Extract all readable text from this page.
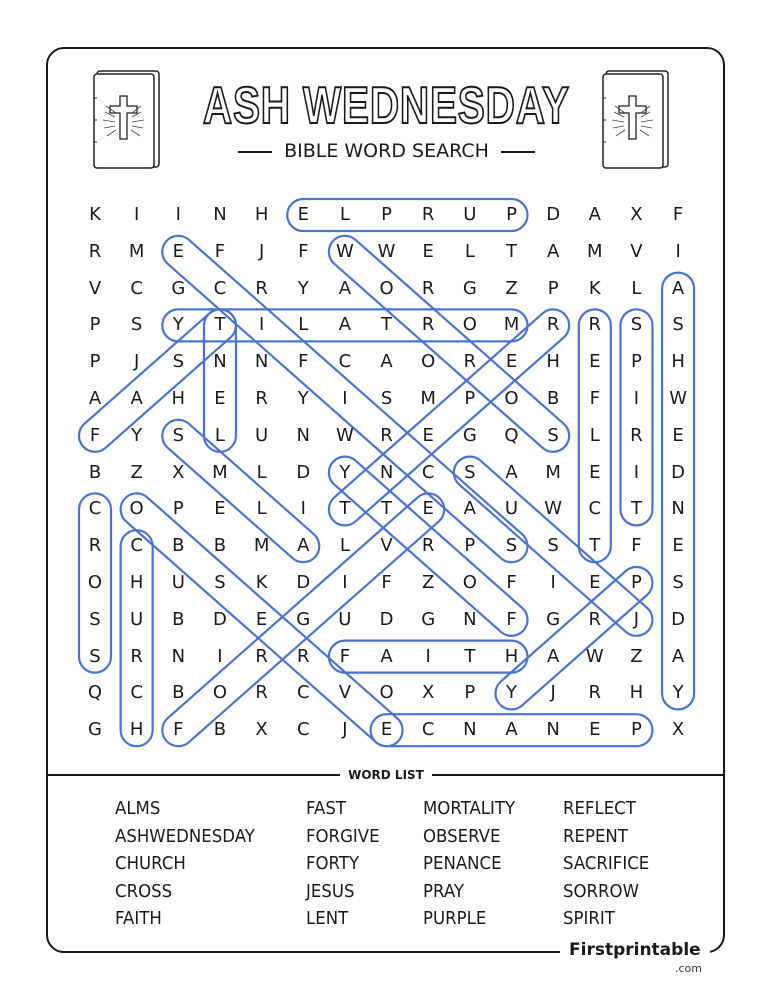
ASH WEDNESDAY
BIBLE WORD SEARCH
K	I	I	N	H	E	L	P	R	U	P	D	A	X	F
R	M	E	F	J	F	W	W	E	L	T	A	M	V	I
V	C	G	C	R	Y	A	O	R	G	Z	P	K	L	A
P	S	Y	T	I	L	A	T	R	O	M	R	R	S	S
P	J	S	N	N	F	C	A	O	R	E	H	E	P	H
A	A	H	E	R	Y	I	S	M	P	O	B	F	I	W
F	Y	S	L	U	N	W	R	E	G	Q	S	L	R	E
B	Z	X	M	L	D	Y	N	C	S	A	M	E	I	D
C	O	P	E	L	I	T	T	E	A	U	W	C	T	N
R	C	B	B	M	A	L	V	R	P	S	S	T	F	E
O	H	U	S	K	D	I	F	Z	O	F	I	E	P	S
S	U	B	D	E	G	U	D	G	N	F	G	R	J	D
S	R	N	I	R	R	F	A	I	T	H	A	W	Z	A
Q	C	B	O	R	C	V	O	X	P	Y	J	R	H	Y
G	H	F	B	X	C	J	E	C	N	A	N	E	P	X
WORD LIST
ALMS
ASHWEDNESDAY
CHURCH
CROSS
FAITH
FAST
FORGIVE
FORTY
JESUS
LENT
MORTALITY
OBSERVE
PENANCE
PRAY
PURPLE
REFLECT
REPENT
SACRIFICE
SORROW
SPIRIT
Firstprintable
.com
